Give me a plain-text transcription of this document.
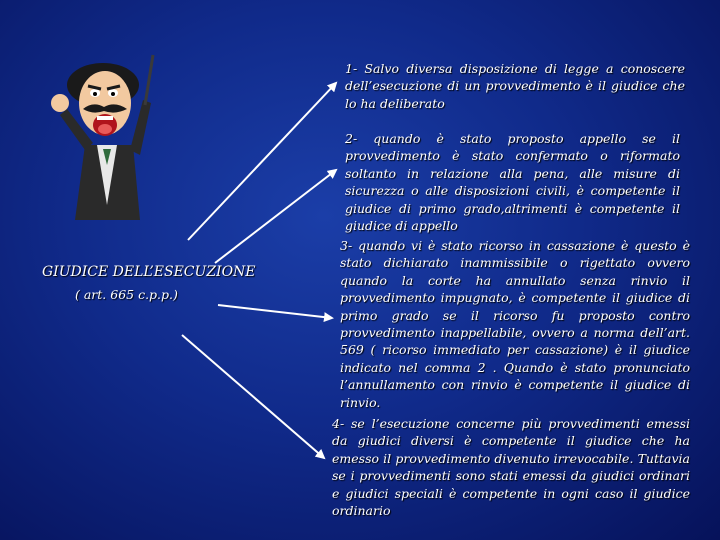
GIUDICE DELL’ESECUZIONE
( art. 665 c.p.p.)
1- Salvo diversa disposizione di legge a conoscere dell’esecuzione di un provvedimento è il giudice che lo ha deliberato
2- quando è stato proposto appello se il provvedimento è stato confermato o riformato soltanto in relazione alla pena, alle misure di sicurezza o alle disposizioni civili, è competente il giudice di primo grado,altrimenti è competente il giudice di appello
3- quando vi è stato ricorso in cassazione è questo è stato dichiarato inammissibile o rigettato ovvero quando la corte ha annullato senza rinvio il provvedimento impugnato, è competente il giudice di primo grado se il ricorso fu proposto contro provvedimento inappellabile, ovvero a norma dell’art. 569 ( ricorso immediato per cassazione) è il giudice indicato nel comma 2 . Quando è stato pronunciato l’annullamento con rinvio è competente il giudice di rinvio.
4- se l’esecuzione concerne più provvedimenti emessi da giudici diversi è competente il giudice che ha emesso il provvedimento divenuto irrevocabile. Tuttavia se i provvedimenti sono stati emessi da giudici ordinari e giudici speciali è competente in ogni caso il giudice ordinario
